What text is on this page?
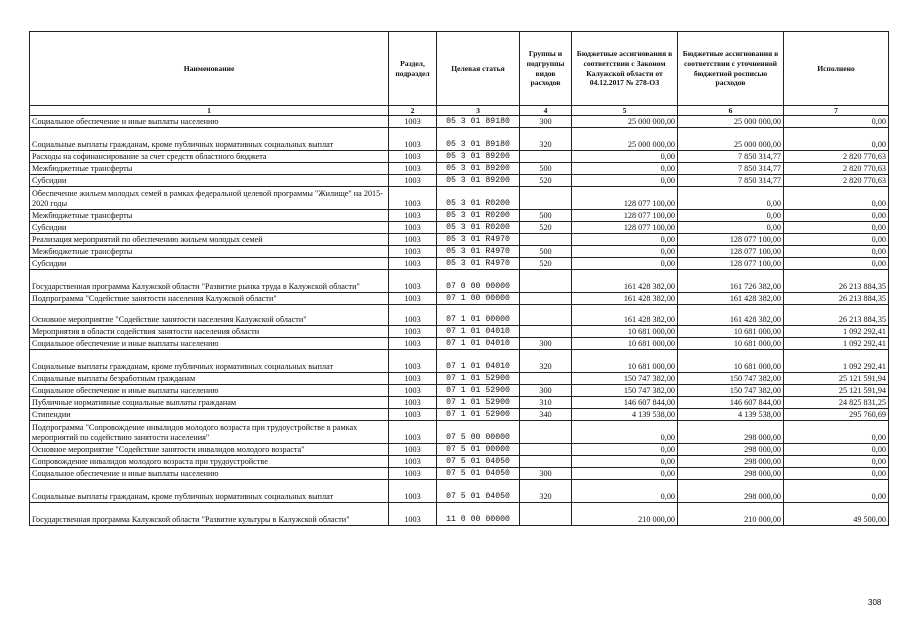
Наименование	Раздел, подраздел	Целевая статья	Группы и подгруппы видов расходов	Бюджетные ассигнования в соответствии с Законом Калужской области от 04.12.2017 № 278-ОЗ	Бюджетные ассигнования в соответствии с уточненной бюджетной росписью расходов	Исполнено
1	2	3	4	5	6	7
Социальное обеспечение и иные выплаты населению	1003	05 3 01 89180	300	25 000 000,00	25 000 000,00	0,00
Социальные выплаты гражданам, кроме публичных нормативных социальных выплат	1003	05 3 01 89180	320	25 000 000,00	25 000 000,00	0,00
Расходы на софинансирование за счет средств областного бюджета	1003	05 3 01 89200		0,00	7 850 314,77	2 820 770,63
Межбюджетные трансферты	1003	05 3 01 89200	500	0,00	7 850 314,77	2 820 770,63
Субсидии	1003	05 3 01 89200	520	0,00	7 850 314,77	2 820 770,63
Обеспечение жильем молодых семей в рамках федеральной целевой программы "Жилище" на 2015-2020 годы	1003	05 3 01 R0200		128 077 100,00	0,00	0,00
Межбюджетные трансферты	1003	05 3 01 R0200	500	128 077 100,00	0,00	0,00
Субсидии	1003	05 3 01 R0200	520	128 077 100,00	0,00	0,00
Реализация мероприятий по обеспечению жильем молодых семей	1003	05 3 01 R4970		0,00	128 077 100,00	0,00
Межбюджетные трансферты	1003	05 3 01 R4970	500	0,00	128 077 100,00	0,00
Субсидии	1003	05 3 01 R4970	520	0,00	128 077 100,00	0,00
Государственная программа Калужской области "Развитие рынка труда в Калужской области"	1003	07 0 00 00000		161 428 382,00	161 726 382,00	26 213 884,35
Подпрограмма "Содействие занятости населения Калужской области"	1003	07 1 00 00000		161 428 382,00	161 428 382,00	26 213 884,35
Основное мероприятие "Содействие занятости населения Калужской области"	1003	07 1 01 00000		161 428 382,00	161 428 382,00	26 213 884,35
Мероприятия в области содействия занятости населения области	1003	07 1 01 04010		10 681 000,00	10 681 000,00	1 092 292,41
Социальное обеспечение и иные выплаты населению	1003	07 1 01 04010	300	10 681 000,00	10 681 000,00	1 092 292,41
Социальные выплаты гражданам, кроме публичных нормативных социальных выплат	1003	07 1 01 04010	320	10 681 000,00	10 681 000,00	1 092 292,41
Социальные выплаты безработным гражданам	1003	07 1 01 52900		150 747 382,00	150 747 382,00	25 121 591,94
Социальное обеспечение и иные выплаты населению	1003	07 1 01 52900	300	150 747 382,00	150 747 382,00	25 121 591,94
Публичные нормативные социальные выплаты гражданам	1003	07 1 01 52900	310	146 607 844,00	146 607 844,00	24 825 831,25
Стипендии	1003	07 1 01 52900	340	4 139 538,00	4 139 538,00	295 760,69
Подпрограмма "Сопровождение инвалидов молодого возраста при трудоустройстве в рамках мероприятий по содействию занятости населения"	1003	07 5 00 00000		0,00	298 000,00	0,00
Основное мероприятие "Содействие занятости инвалидов молодого возраста"	1003	07 5 01 00000		0,00	298 000,00	0,00
Сопровождение инвалидов молодого возраста при трудоустройстве	1003	07 5 01 04050		0,00	298 000,00	0,00
Социальное обеспечение и иные выплаты населению	1003	07 5 01 04050	300	0,00	298 000,00	0,00
Социальные выплаты гражданам, кроме публичных нормативных социальных выплат	1003	07 5 01 04050	320	0,00	298 000,00	0,00
Государственная программа Калужской области "Развитие культуры в Калужской области"	1003	11 0 00 00000		210 000,00	210 000,00	49 500,00
308
